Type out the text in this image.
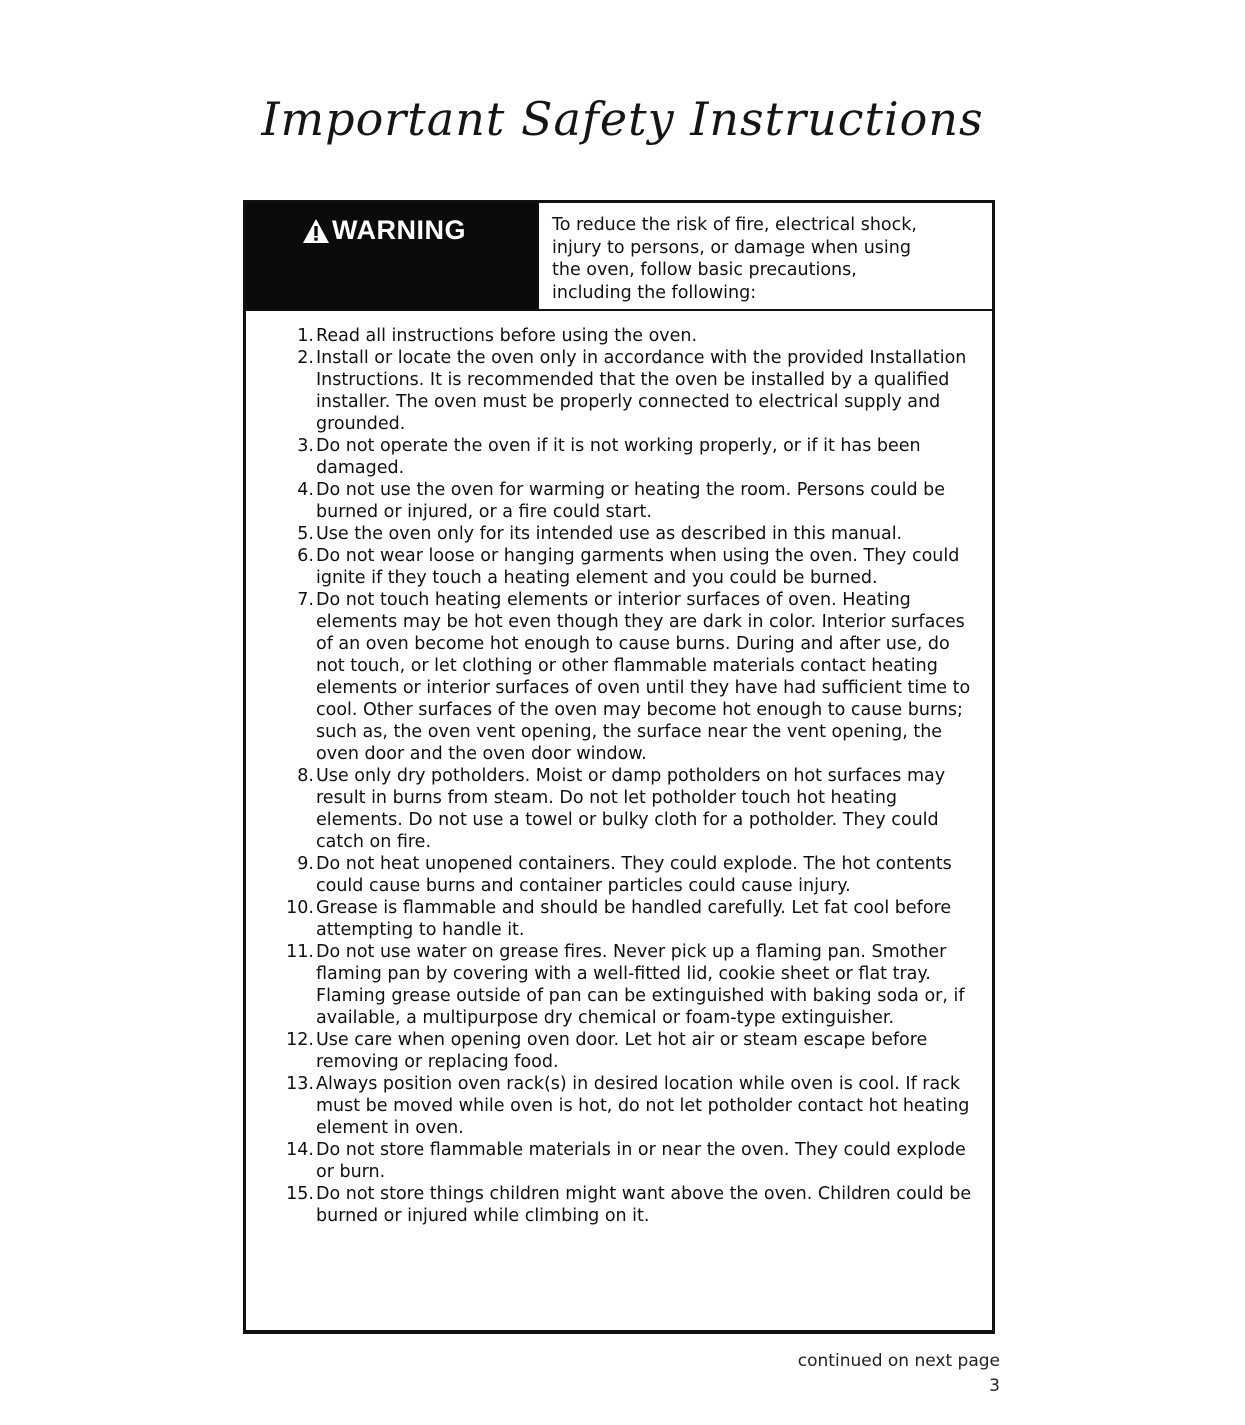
Important Safety Instructions
WARNING	To reduce the risk of fire, electrical shock,
injury to persons, or damage when using
the oven, follow basic precautions,
including the following:
1. Read all instructions before using the oven.
2. Install or locate the oven only in accordance with the provided Installation Instructions. It is recommended that the oven be installed by a qualified installer. The oven must be properly connected to electrical supply and grounded.
3. Do not operate the oven if it is not working properly, or if it has been damaged.
4. Do not use the oven for warming or heating the room. Persons could be burned or injured, or a fire could start.
5. Use the oven only for its intended use as described in this manual.
6. Do not wear loose or hanging garments when using the oven. They could ignite if they touch a heating element and you could be burned.
7. Do not touch heating elements or interior surfaces of oven. Heating elements may be hot even though they are dark in color. Interior surfaces of an oven become hot enough to cause burns. During and after use, do not touch, or let clothing or other flammable materials contact heating elements or interior surfaces of oven until they have had sufficient time to cool. Other surfaces of the oven may become hot enough to cause burns; such as, the oven vent opening, the surface near the vent opening, the oven door and the oven door window.
8. Use only dry potholders. Moist or damp potholders on hot surfaces may result in burns from steam. Do not let potholder touch hot heating elements. Do not use a towel or bulky cloth for a potholder. They could catch on fire.
9. Do not heat unopened containers. They could explode. The hot contents could cause burns and container particles could cause injury.
10. Grease is flammable and should be handled carefully. Let fat cool before attempting to handle it.
11. Do not use water on grease fires. Never pick up a flaming pan. Smother flaming pan by covering with a well-fitted lid, cookie sheet or flat tray. Flaming grease outside of pan can be extinguished with baking soda or, if available, a multipurpose dry chemical or foam-type extinguisher.
12. Use care when opening oven door. Let hot air or steam escape before removing or replacing food.
13. Always position oven rack(s) in desired location while oven is cool. If rack must be moved while oven is hot, do not let potholder contact hot heating element in oven.
14. Do not store flammable materials in or near the oven. They could explode or burn.
15. Do not store things children might want above the oven. Children could be burned or injured while climbing on it.
continued on next page
3
